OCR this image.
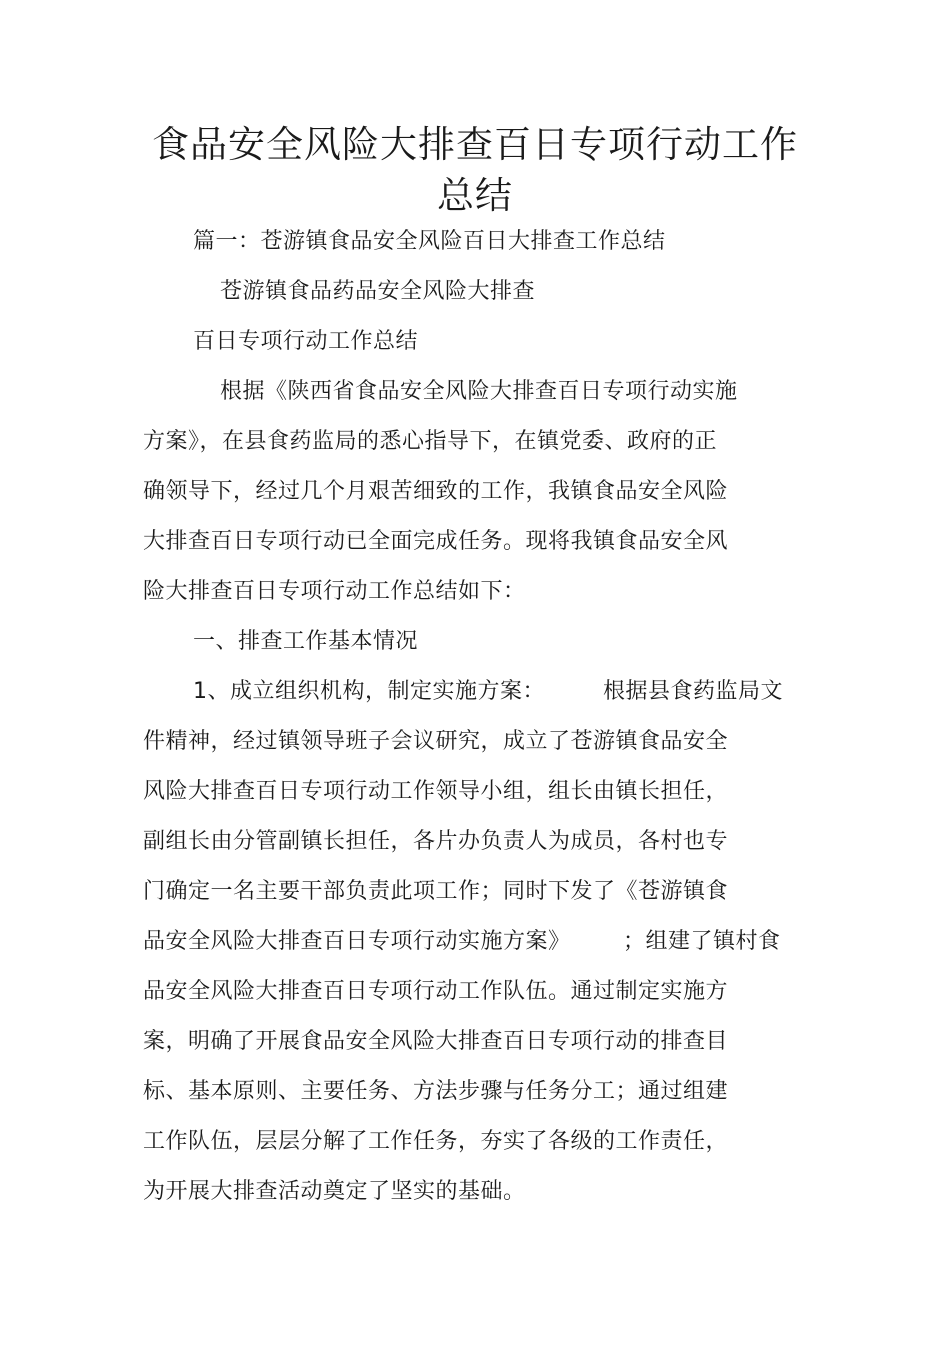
食品安全风险大排查百日专项行动工作
总结
篇一：苍游镇食品安全风险百日大排查工作总结
苍游镇食品药品安全风险大排查
百日专项行动工作总结
根据《陕西省食品安全风险大排查百日专项行动实施
方案》，在县食药监局的悉心指导下，在镇党委、政府的正
确领导下，经过几个月艰苦细致的工作，我镇食品安全风险
大排查百日专项行动已全面完成任务。现将我镇食品安全风
险大排查百日专项行动工作总结如下：
一、排查工作基本情况
1、成立组织机构，制定实施方案：	根据县食药监局文
件精神，经过镇领导班子会议研究，成立了苍游镇食品安全
风险大排查百日专项行动工作领导小组，组长由镇长担任，
副组长由分管副镇长担任，各片办负责人为成员，各村也专
门确定一名主要干部负责此项工作；同时下发了《苍游镇食
品安全风险大排查百日专项行动实施方案》 ；组建了镇村食
品安全风险大排查百日专项行动工作队伍。通过制定实施方
案，明确了开展食品安全风险大排查百日专项行动的排查目
标、基本原则、主要任务、方法步骤与任务分工；通过组建
工作队伍，层层分解了工作任务，夯实了各级的工作责任，
为开展大排查活动奠定了坚实的基础。
